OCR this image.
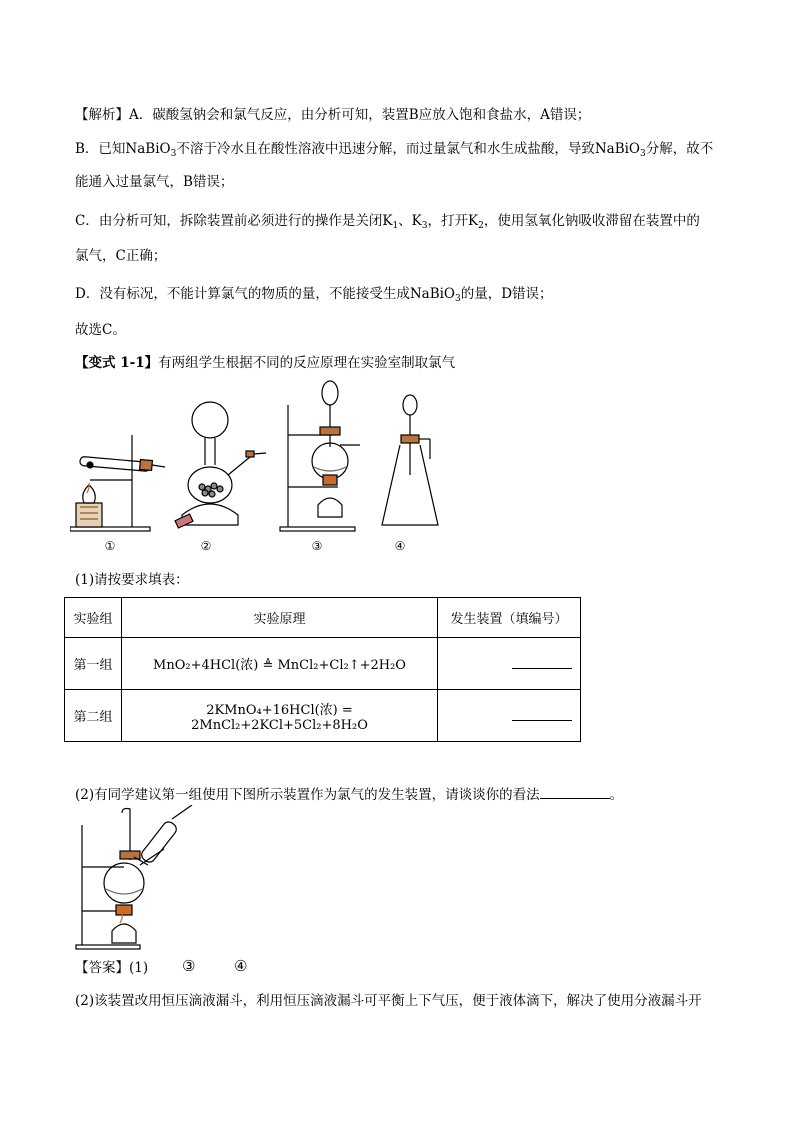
【解析】A．碳酸氢钠会和氯气反应，由分析可知，装置B应放入饱和食盐水，A错误；
B．已知NaBiO$_3$不溶于冷水且在酸性溶液中迅速分解，而过量氯气和水生成盐酸，导致NaBiO$_3$分解，故不
能通入过量氯气，B错误；
C．由分析可知，拆除装置前必须进行的操作是关闭$K_1$、$K_3$，打开$K_2$，使用氢氧化钠吸收滞留在装置中的
氯气，C正确；
D．没有标况，不能计算氯气的物质的量，不能接受生成NaBiO$_3$的量，D错误；
故选C。
【变式 1-1】有两组学生根据不同的反应原理在实验室制取氯气
①	②	③	④
(1)请按要求填表：
实验组	实验原理	发生装置（填编号）
第一组	MnO₂+4HCl(浓) ≜ MnCl₂+Cl₂↑+2H₂O	
第二组	2KMnO₄+16HCl(浓) = 2MnCl₂+2KCl+5Cl₂+8H₂O	
(2)有同学建议第一组使用下图所示装置作为氯气的发生装置，请谈谈你的看法	。
【答案】(1) ③	④
(2)该装置改用恒压滴液漏斗，利用恒压滴液漏斗可平衡上下气压，便于液体滴下，解决了使用分液漏斗开
